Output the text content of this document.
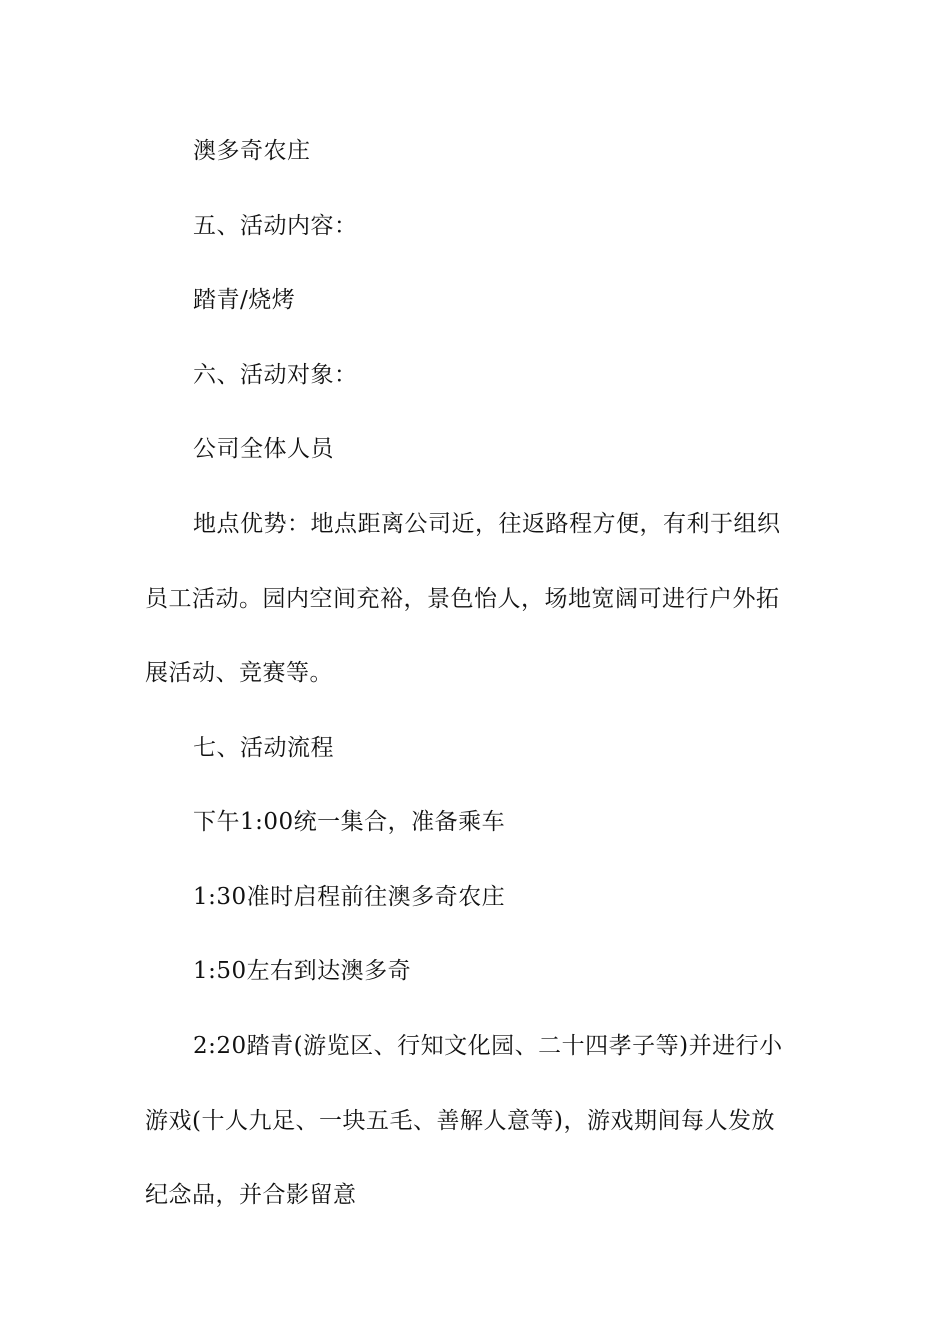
澳多奇农庄
五、活动内容：
踏青/烧烤
六、活动对象：
公司全体人员
地点优势：地点距离公司近，往返路程方便，有利于组织
员工活动。园内空间充裕，景色怡人，场地宽阔可进行户外拓
展活动、竞赛等。
七、活动流程
下午1:00统一集合，准备乘车
1:30准时启程前往澳多奇农庄
1:50左右到达澳多奇
2:20踏青(游览区、行知文化园、二十四孝子等)并进行小
游戏(十人九足、一块五毛、善解人意等)，游戏期间每人发放
纪念品，并合影留意
